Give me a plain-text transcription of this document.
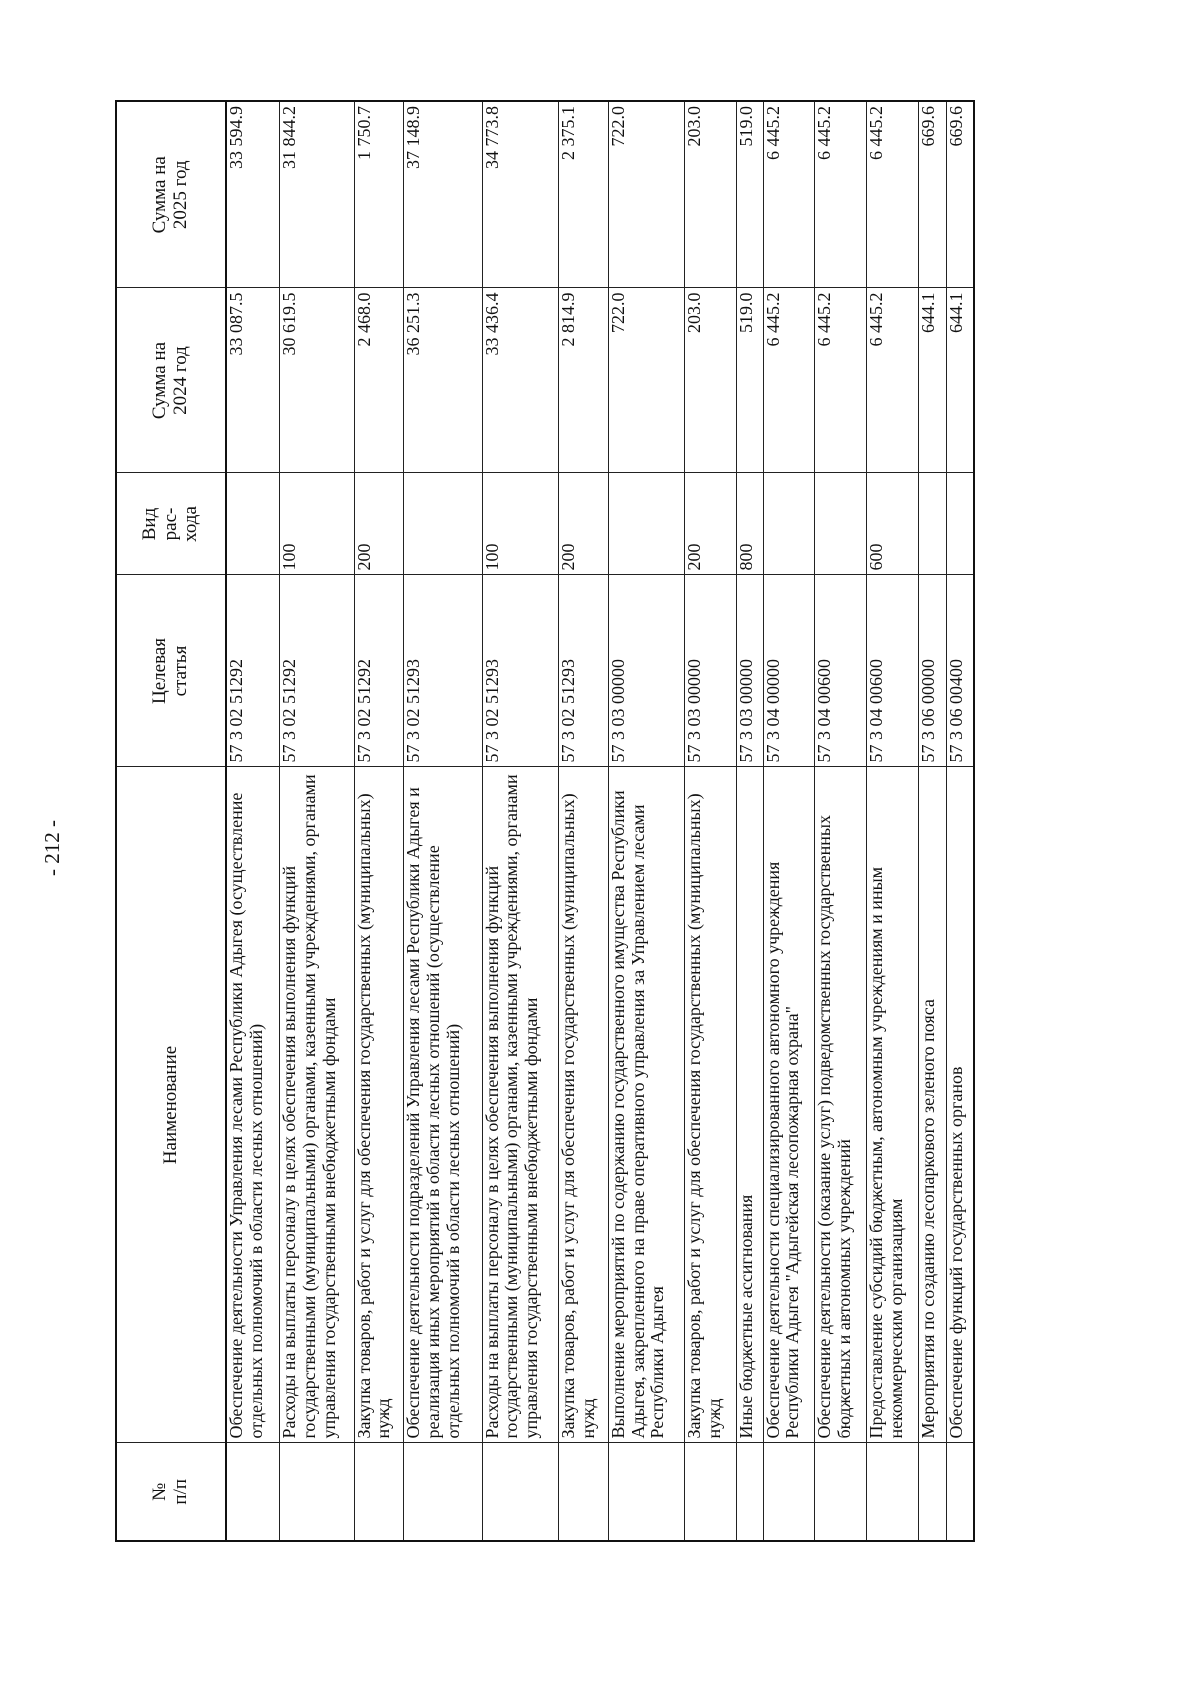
- 212 -
№ п/п	Наименование	Целевая статья	Вид рас- хода	Сумма на 2024 год	Сумма на 2025 год

	Обеспечение деятельности Управления лесами Республики Адыгея (осуществление отдельных полномочий в области лесных отношений)	57 3 02 51292		33 087.5	33 594.9
	Расходы на выплаты персоналу в целях обеспечения выполнения функций государственными (муниципальными) органами, казенными учреждениями, органами управления государственными внебюджетными фондами	57 3 02 51292	100	30 619.5	31 844.2
	Закупка товаров, работ и услуг для обеспечения государственных (муниципальных) нужд	57 3 02 51292	200	2 468.0	1 750.7
	Обеспечение деятельности подразделений Управления лесами Республики Адыгея и реализация иных мероприятий в области лесных отношений (осуществление отдельных полномочий в области лесных отношений)	57 3 02 51293		36 251.3	37 148.9
	Расходы на выплаты персоналу в целях обеспечения выполнения функций государственными (муниципальными) органами, казенными учреждениями, органами управления государственными внебюджетными фондами	57 3 02 51293	100	33 436.4	34 773.8
	Закупка товаров, работ и услуг для обеспечения государственных (муниципальных) нужд	57 3 02 51293	200	2 814.9	2 375.1
	Выполнение мероприятий по содержанию государственного имущества Республики Адыгея, закрепленного на праве оперативного управления за Управлением лесами Республики Адыгея	57 3 03 00000		722.0	722.0
	Закупка товаров, работ и услуг для обеспечения государственных (муниципальных) нужд	57 3 03 00000	200	203.0	203.0
	Иные бюджетные ассигнования	57 3 03 00000	800	519.0	519.0
	Обеспечение деятельности специализированного автономного учреждения Республики Адыгея "Адыгейская лесопожарная охрана"	57 3 04 00000		6 445.2	6 445.2
	Обеспечение деятельности (оказание услуг) подведомственных государственных бюджетных и автономных учреждений	57 3 04 00600		6 445.2	6 445.2
	Предоставление субсидий бюджетным, автономным учреждениям и иным некоммерческим организациям	57 3 04 00600	600	6 445.2	6 445.2
	Мероприятия по созданию лесопаркового зеленого пояса	57 3 06 00000		644.1	669.6
	Обеспечение функций государственных органов	57 3 06 00400		644.1	669.6
